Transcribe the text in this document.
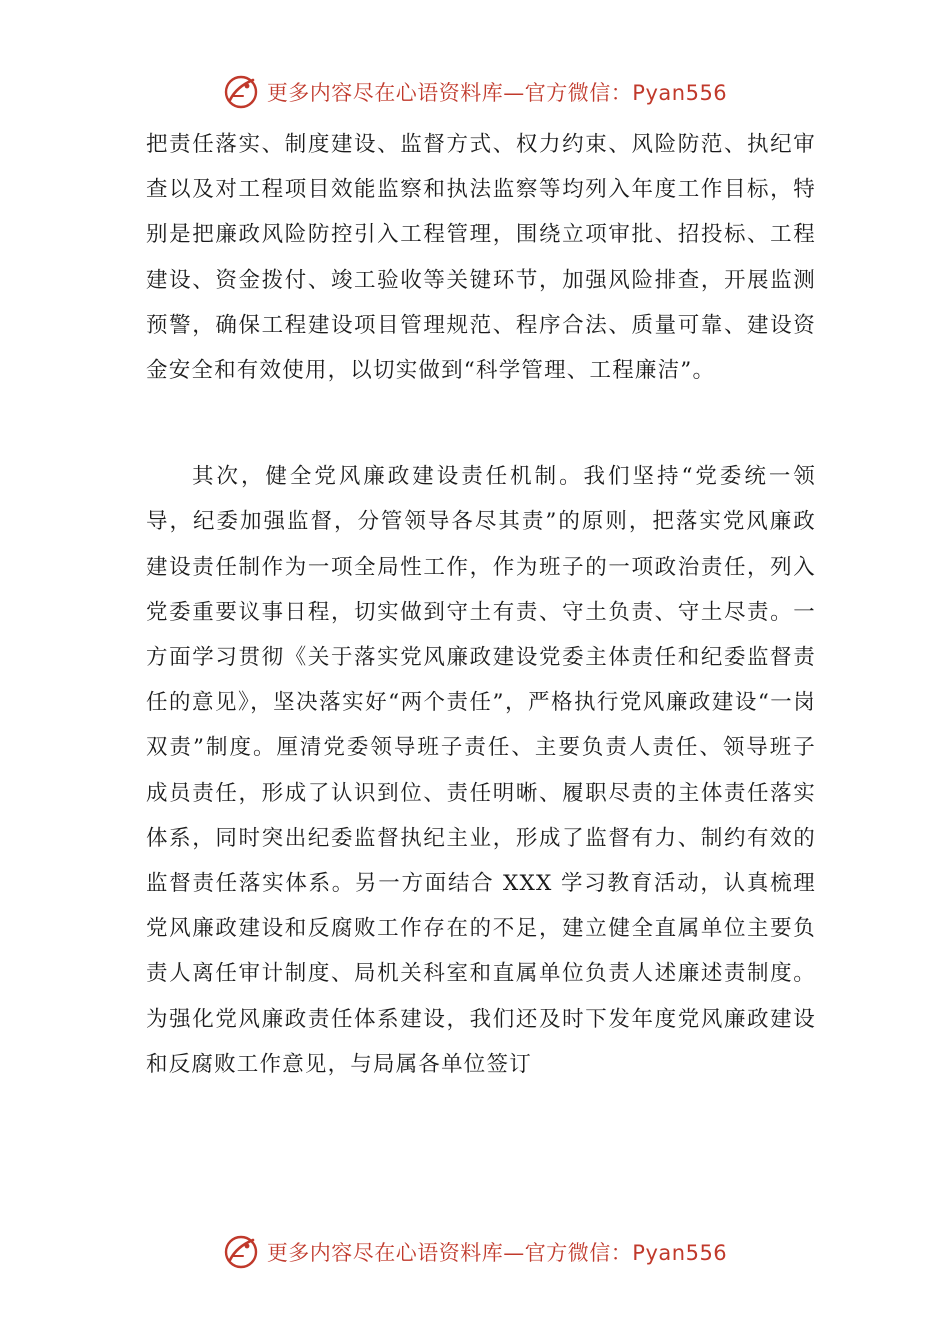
更多内容尽在心语资料库—官方微信：Pyan556

把责任落实、制度建设、监督方式、权力约束、风险防范、执纪审查以及对工程项目效能监察和执法监察等均列入年度工作目标，特别是把廉政风险防控引入工程管理，围绕立项审批、招投标、工程建设、资金拨付、竣工验收等关键环节，加强风险排查，开展监测预警，确保工程建设项目管理规范、程序合法、质量可靠、建设资金安全和有效使用，以切实做到“科学管理、工程廉洁”。

其次，健全党风廉政建设责任机制。我们坚持“党委统一领导，纪委加强监督，分管领导各尽其责”的原则，把落实党风廉政建设责任制作为一项全局性工作，作为班子的一项政治责任，列入党委重要议事日程，切实做到守土有责、守土负责、守土尽责。一方面学习贯彻《关于落实党风廉政建设党委主体责任和纪委监督责任的意见》，坚决落实好“两个责任”，严格执行党风廉政建设“一岗双责”制度。厘清党委领导班子责任、主要负责人责任、领导班子成员责任，形成了认识到位、责任明晰、履职尽责的主体责任落实体系，同时突出纪委监督执纪主业，形成了监督有力、制约有效的监督责任落实体系。另一方面结合 XXX 学习教育活动，认真梳理党风廉政建设和反腐败工作存在的不足，建立健全直属单位主要负责人离任审计制度、局机关科室和直属单位负责人述廉述责制度。为强化党风廉政责任体系建设，我们还及时下发年度党风廉政建设和反腐败工作意见，与局属各单位签订

更多内容尽在心语资料库—官方微信：Pyan556
